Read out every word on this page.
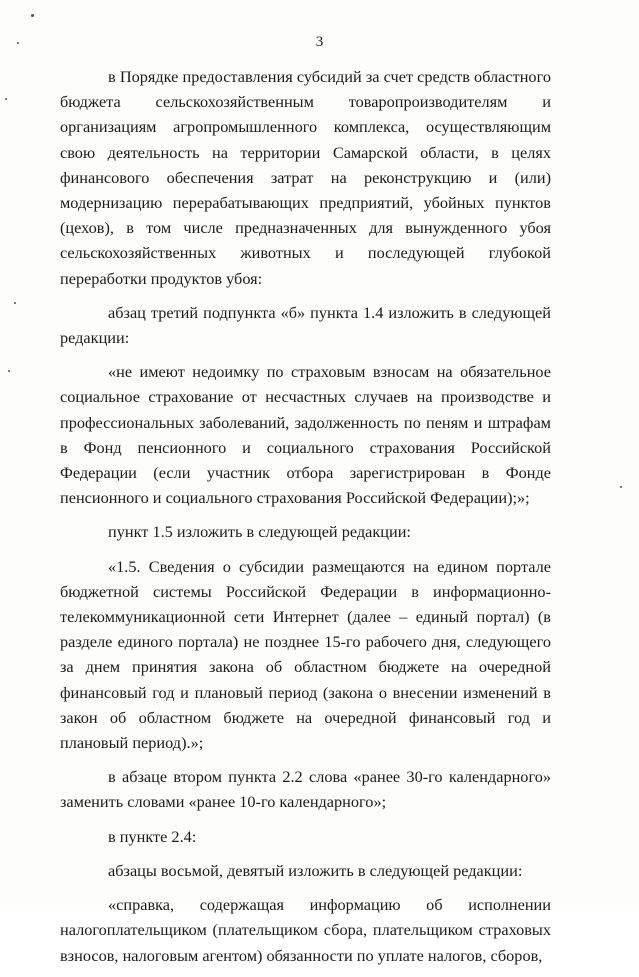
3

в Порядке предоставления субсидий за счет средств областного бюджета сельскохозяйственным товаропроизводителям и организациям агропромышленного комплекса, осуществляющим свою деятельность на территории Самарской области, в целях финансового обеспечения затрат на реконструкцию и (или) модернизацию перерабатывающих предприятий, убойных пунктов (цехов), в том числе предназначенных для вынужденного убоя сельскохозяйственных животных и последующей глубокой переработки продуктов убоя:

абзац третий подпункта «б» пункта 1.4 изложить в следующей редакции:

«не имеют недоимку по страховым взносам на обязательное социальное страхование от несчастных случаев на производстве и профессиональных заболеваний, задолженность по пеням и штрафам в Фонд пенсионного и социального страхования Российской Федерации (если участник отбора зарегистрирован в Фонде пенсионного и социального страхования Российской Федерации);»;

пункт 1.5 изложить в следующей редакции:

«1.5. Сведения о субсидии размещаются на едином портале бюджетной системы Российской Федерации в информационно-телекоммуникационной сети Интернет (далее – единый портал) (в разделе единого портала) не позднее 15-го рабочего дня, следующего за днем принятия закона об областном бюджете на очередной финансовый год и плановый период (закона о внесении изменений в закон об областном бюджете на очередной финансовый год и плановый период).»;

в абзаце втором пункта 2.2 слова «ранее 30-го календарного» заменить словами «ранее 10-го календарного»;

в пункте 2.4:

абзацы восьмой, девятый изложить в следующей редакции:

«справка, содержащая информацию об исполнении налогоплательщиком (плательщиком сбора, плательщиком страховых взносов, налоговым агентом) обязанности по уплате налогов, сборов,
